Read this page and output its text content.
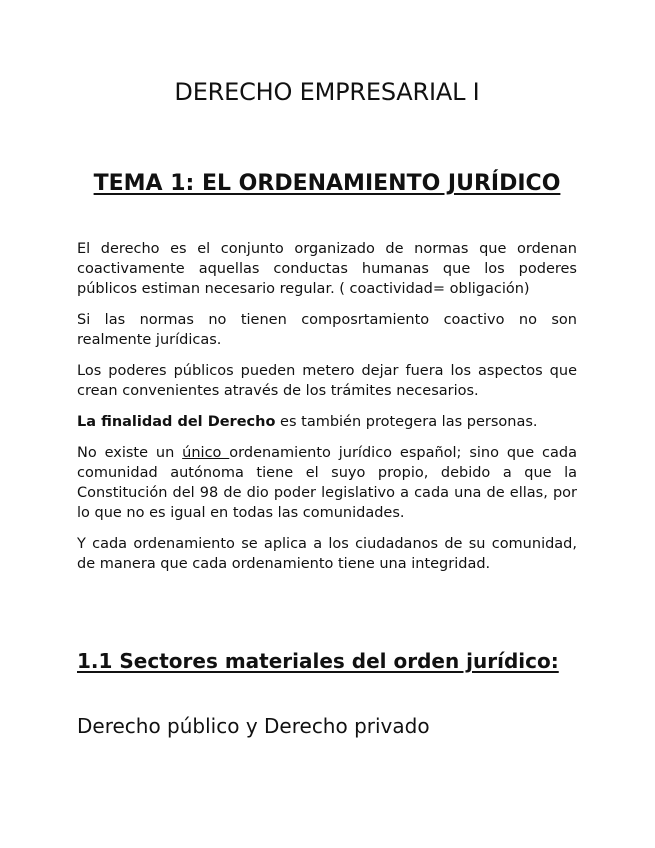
DERECHO EMPRESARIAL I
TEMA 1: EL ORDENAMIENTO JURÍDICO

El derecho es el conjunto organizado de normas que ordenan coactivamente aquellas conductas humanas que los poderes públicos estiman necesario regular. ( coactividad= obligación)

Si las normas no tienen composrtamiento coactivo no son realmente jurídicas.

Los poderes públicos pueden metero dejar fuera los aspectos que crean convenientes através de los trámites necesarios.

La finalidad del Derecho es también protegera las personas.

No existe un único ordenamiento jurídico español; sino que cada comunidad autónoma tiene el suyo propio, debido a que la Constitución del 98 de dio poder legislativo a cada una de ellas, por lo que no es igual en todas las comunidades.

Y cada ordenamiento se aplica a los ciudadanos de su comunidad, de manera que cada ordenamiento tiene una integridad.

1.1 Sectores materiales del orden jurídico:
Derecho público y Derecho privado
